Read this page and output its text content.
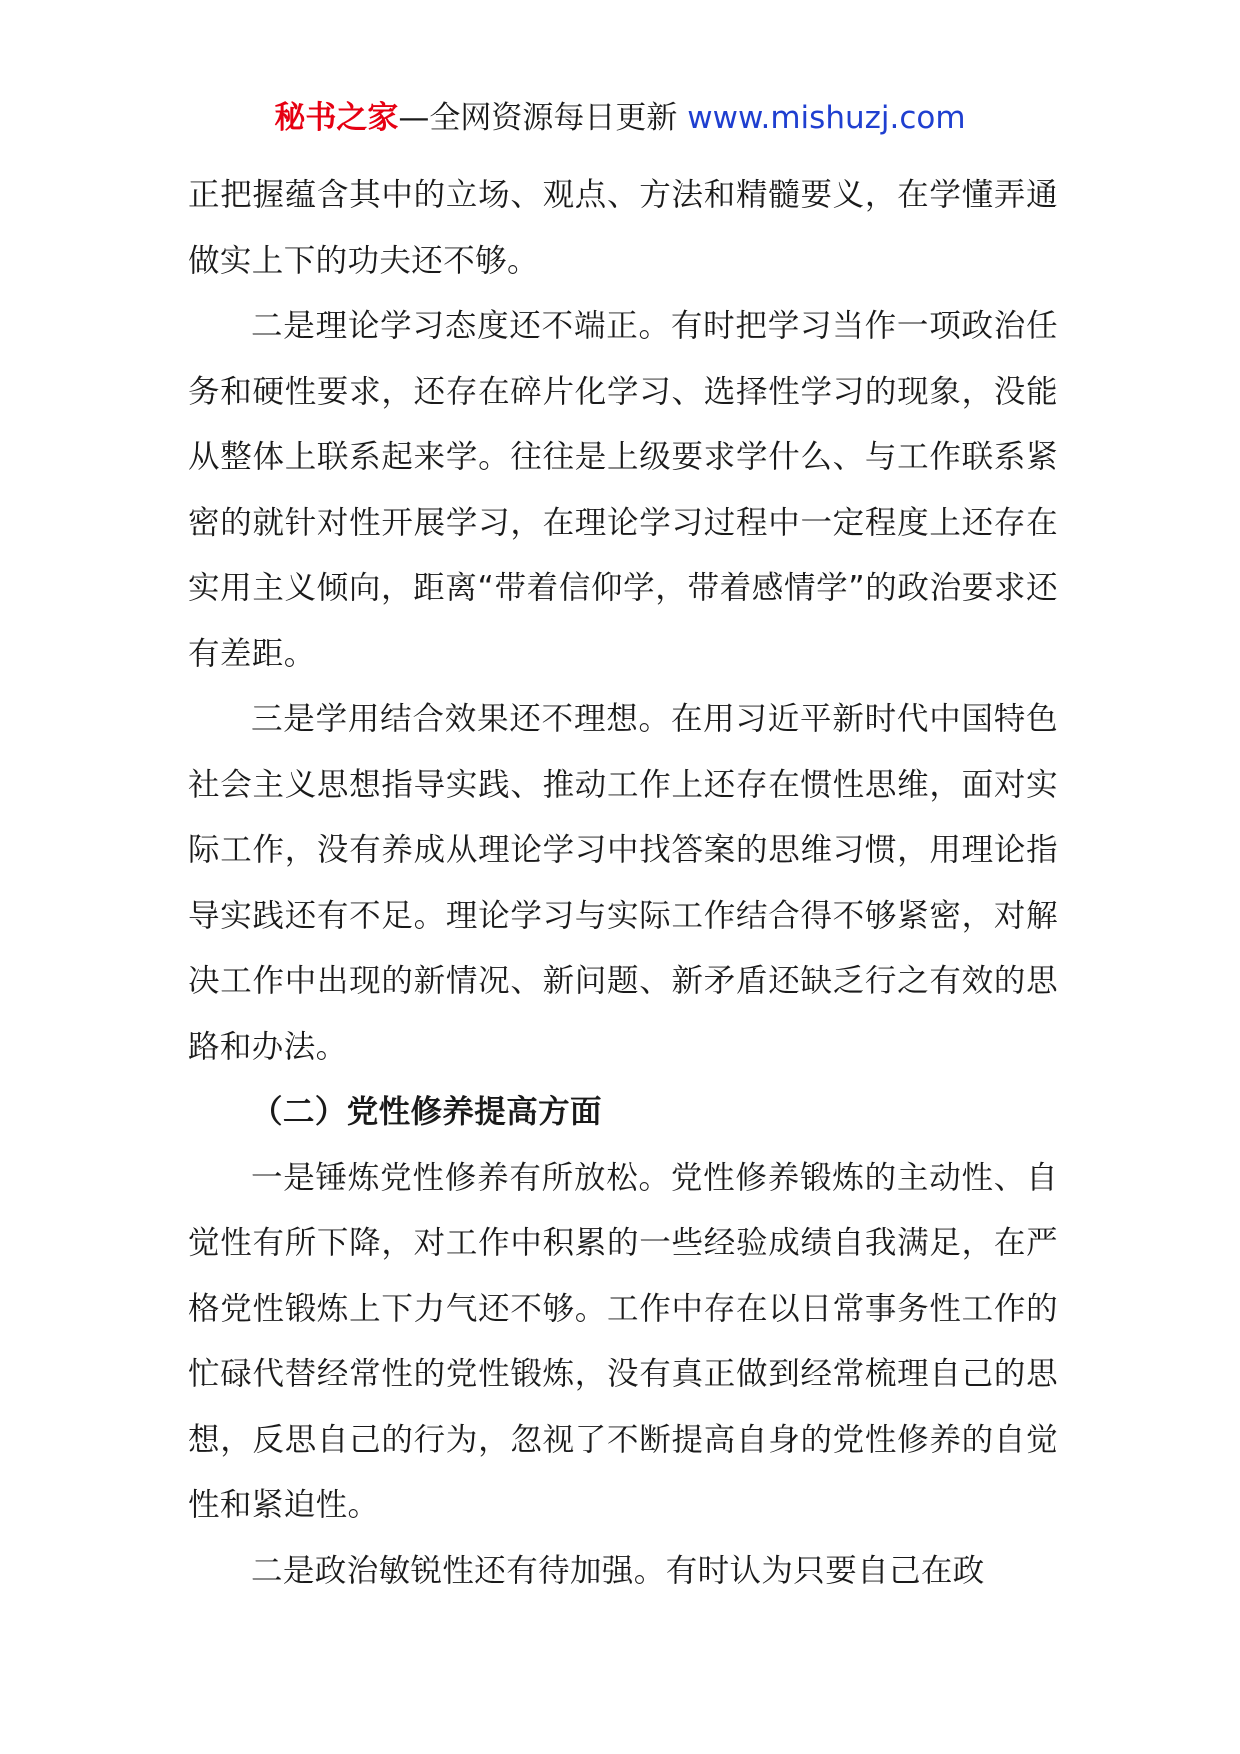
秘书之家—全网资源每日更新 www.mishuzj.com

正把握蕴含其中的立场、观点、方法和精髓要义，在学懂弄通做实上下的功夫还不够。

二是理论学习态度还不端正。有时把学习当作一项政治任务和硬性要求，还存在碎片化学习、选择性学习的现象，没能从整体上联系起来学。往往是上级要求学什么、与工作联系紧密的就针对性开展学习，在理论学习过程中一定程度上还存在实用主义倾向，距离“带着信仰学，带着感情学”的政治要求还有差距。

三是学用结合效果还不理想。在用习近平新时代中国特色社会主义思想指导实践、推动工作上还存在惯性思维，面对实际工作，没有养成从理论学习中找答案的思维习惯，用理论指导实践还有不足。理论学习与实际工作结合得不够紧密，对解决工作中出现的新情况、新问题、新矛盾还缺乏行之有效的思路和办法。

（二）党性修养提高方面

一是锤炼党性修养有所放松。党性修养锻炼的主动性、自觉性有所下降，对工作中积累的一些经验成绩自我满足，在严格党性锻炼上下力气还不够。工作中存在以日常事务性工作的忙碌代替经常性的党性锻炼，没有真正做到经常梳理自己的思想，反思自己的行为，忽视了不断提高自身的党性修养的自觉性和紧迫性。

二是政治敏锐性还有待加强。有时认为只要自己在政
